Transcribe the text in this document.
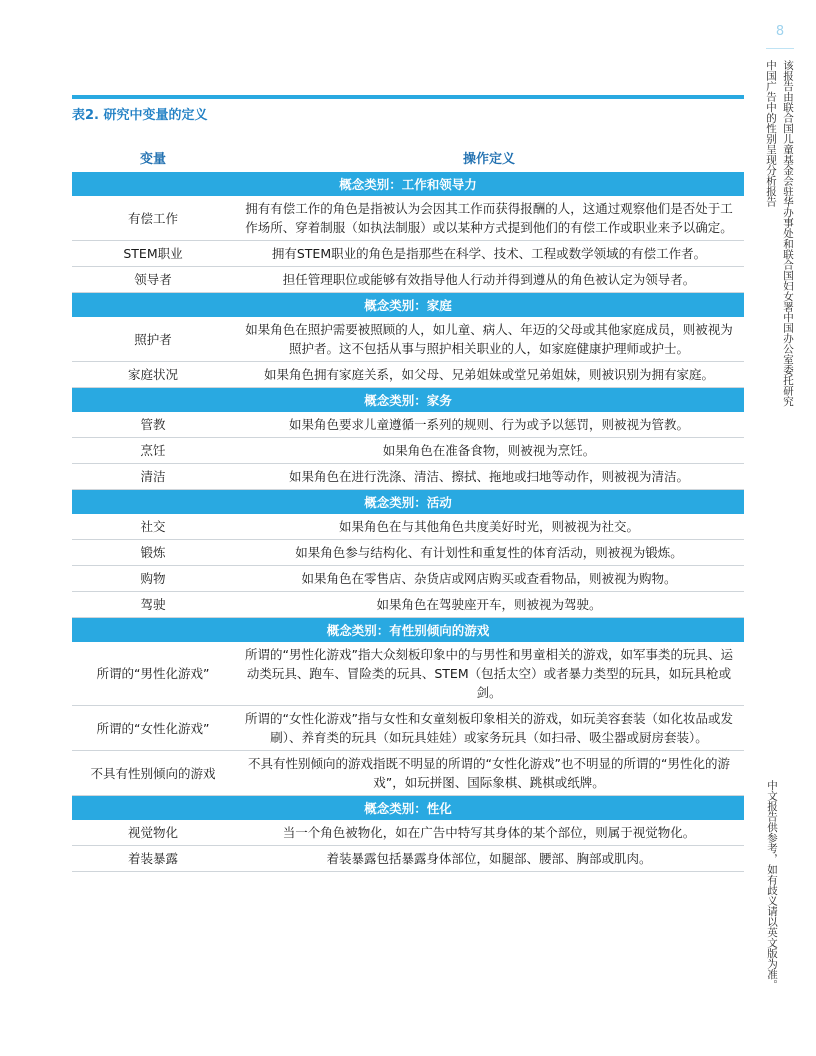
8
中国广告中的性别呈现分析报告 该报告由联合国儿童基金会驻华办事处和联合国妇女署中国办公室委托研究
中文报告供参考，如有歧义请以英文版为准。
表2. 研究中变量的定义
变量	操作定义
概念类别：工作和领导力	
有偿工作	拥有有偿工作的角色是指被认为会因其工作而获得报酬的人，这通过观察他们是否处于工作场所、穿着制服（如执法制服）或以某种方式提到他们的有偿工作或职业来予以确定。
STEM职业	拥有STEM职业的角色是指那些在科学、技术、工程或数学领域的有偿工作者。
领导者	担任管理职位或能够有效指导他人行动并得到遵从的角色被认定为领导者。
概念类别：家庭	
照护者	如果角色在照护需要被照顾的人，如儿童、病人、年迈的父母或其他家庭成员，则被视为照护者。这不包括从事与照护相关职业的人，如家庭健康护理师或护士。
家庭状况	如果角色拥有家庭关系，如父母、兄弟姐妹或堂兄弟姐妹，则被识别为拥有家庭。
概念类别：家务	
管教	如果角色要求儿童遵循一系列的规则、行为或予以惩罚，则被视为管教。
烹饪	如果角色在准备食物，则被视为烹饪。
清洁	如果角色在进行洗涤、清洁、擦拭、拖地或扫地等动作，则被视为清洁。
概念类别：活动	
社交	如果角色在与其他角色共度美好时光，则被视为社交。
锻炼	如果角色参与结构化、有计划性和重复性的体育活动，则被视为锻炼。
购物	如果角色在零售店、杂货店或网店购买或查看物品，则被视为购物。
驾驶	如果角色在驾驶座开车，则被视为驾驶。
概念类别：有性别倾向的游戏	
所谓的“男性化游戏”	所谓的“男性化游戏”指大众刻板印象中的与男性和男童相关的游戏，如军事类的玩具、运动类玩具、跑车、冒险类的玩具、STEM（包括太空）或者暴力类型的玩具，如玩具枪或剑。
所谓的“女性化游戏”	所谓的“女性化游戏”指与女性和女童刻板印象相关的游戏，如玩美容套装（如化妆品或发刷）、养育类的玩具（如玩具娃娃）或家务玩具（如扫帚、吸尘器或厨房套装）。
不具有性别倾向的游戏	不具有性别倾向的游戏指既不明显的所谓的“女性化游戏”也不明显的所谓的“男性化的游戏”，如玩拼图、国际象棋、跳棋或纸牌。
概念类别：性化	
视觉物化	当一个角色被物化，如在广告中特写其身体的某个部位，则属于视觉物化。
着装暴露	着装暴露包括暴露身体部位，如腿部、腰部、胸部或肌肉。
